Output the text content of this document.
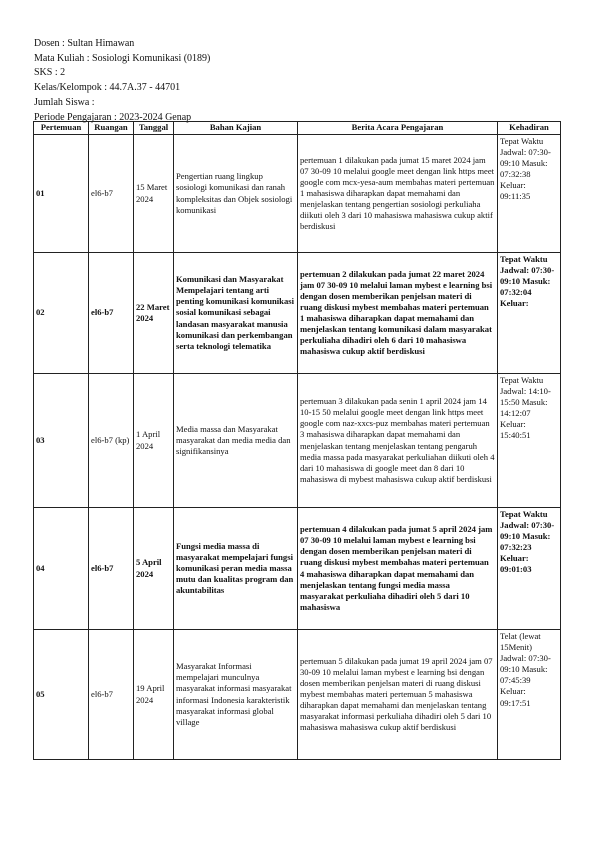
Dosen : Sultan Himawan
Mata Kuliah : Sosiologi Komunikasi (0189)
SKS : 2
Kelas/Kelompok : 44.7A.37 - 44701
Jumlah Siswa :
Periode Pengajaran : 2023-2024 Genap
Pertemuan	Ruangan	Tanggal	Bahan Kajian	Berita Acara Pengajaran	Kehadiran
01	el6-b7	15 Maret 2024	Pengertian ruang lingkup sosiologi komunikasi dan ranah kompleksitas dan Objek sosiologi komunikasi	pertemuan 1 dilakukan pada jumat 15 maret 2024 jam 07 30-09 10 melalui google meet dengan link https meet google com mcx-yesa-aum membahas materi pertemuan 1 mahasiswa diharapkan dapat memahami dan menjelaskan tentang pengertian sosiologi perkuliaha diikuti oleh 3 dari 10 mahasiswa mahasiswa cukup aktif berdiskusi	Tepat Waktu Jadwal: 07:30-09:10 Masuk: 07:32:38 Keluar: 09:11:35
02	el6-b7	22 Maret 2024	Komunikasi dan Masyarakat Mempelajari tentang arti penting komunikasi komunikasi sosial komunikasi sebagai landasan masyarakat manusia komunikasi dan perkembangan serta teknologi telematika	pertemuan 2 dilakukan pada jumat 22 maret 2024 jam 07 30-09 10 melalui laman mybest e learning bsi dengan dosen memberikan penjelsan materi di ruang diskusi mybest membahas materi pertemuan 1 mahasiswa diharapkan dapat memahami dan menjelaskan tentang komunikasi dalam masyarakat perkuliaha dihadiri oleh 6 dari 10 mahasiswa mahasiswa cukup aktif berdiskusi	Tepat Waktu Jadwal: 07:30-09:10 Masuk: 07:32:04 Keluar:
03	el6-b7 (kp)	1 April 2024	Media massa dan Masyarakat masyarakat dan media media dan signifikansinya	pertemuan 3 dilakukan pada senin 1 april 2024 jam 14 10-15 50 melalui google meet dengan link https meet google com naz-xxcs-puz membahas materi pertemuan 3 mahasiswa diharapkan dapat memahami dan menjelaskan tentang menjelaskan tentang pengaruh media massa pada masyarakat perkuliahan diikuti oleh 4 dari 10 mahasiswa di google meet dan 8 dari 10 mahasiswa di mybest mahasiswa cukup aktif berdiskusi	Tepat Waktu Jadwal: 14:10-15:50 Masuk: 14:12:07 Keluar: 15:40:51
04	el6-b7	5 April 2024	Fungsi media massa di masyarakat mempelajari fungsi komunikasi peran media massa mutu dan kualitas program dan akuntabilitas	pertemuan 4 dilakukan pada jumat 5 april 2024 jam 07 30-09 10 melalui laman mybest e learning bsi dengan dosen memberikan penjelsan materi di ruang diskusi mybest membahas materi pertemuan 4 mahasiswa diharapkan dapat memahami dan menjelaskan tentang fungsi media massa masyarakat perkuliaha dihadiri oleh 5 dari 10 mahasiswa	Tepat Waktu Jadwal: 07:30-09:10 Masuk: 07:32:23 Keluar: 09:01:03
05	el6-b7	19 April 2024	Masyarakat Informasi mempelajari munculnya masyarakat informasi masyarakat informasi Indonesia karakteristik masyarakat informasi global village	pertemuan 5 dilakukan pada jumat 19 april 2024 jam 07 30-09 10 melalui laman mybest e learning bsi dengan dosen memberikan penjelsan materi di ruang diskusi mybest membahas materi pertemuan 5 mahasiswa diharapkan dapat memahami dan menjelaskan tentang masyarakat informasi perkuliaha dihadiri oleh 5 dari 10 mahasiswa mahasiswa cukup aktif berdiskusi	Telat (lewat 15Menit) Jadwal: 07:30-09:10 Masuk: 07:45:39 Keluar: 09:17:51
